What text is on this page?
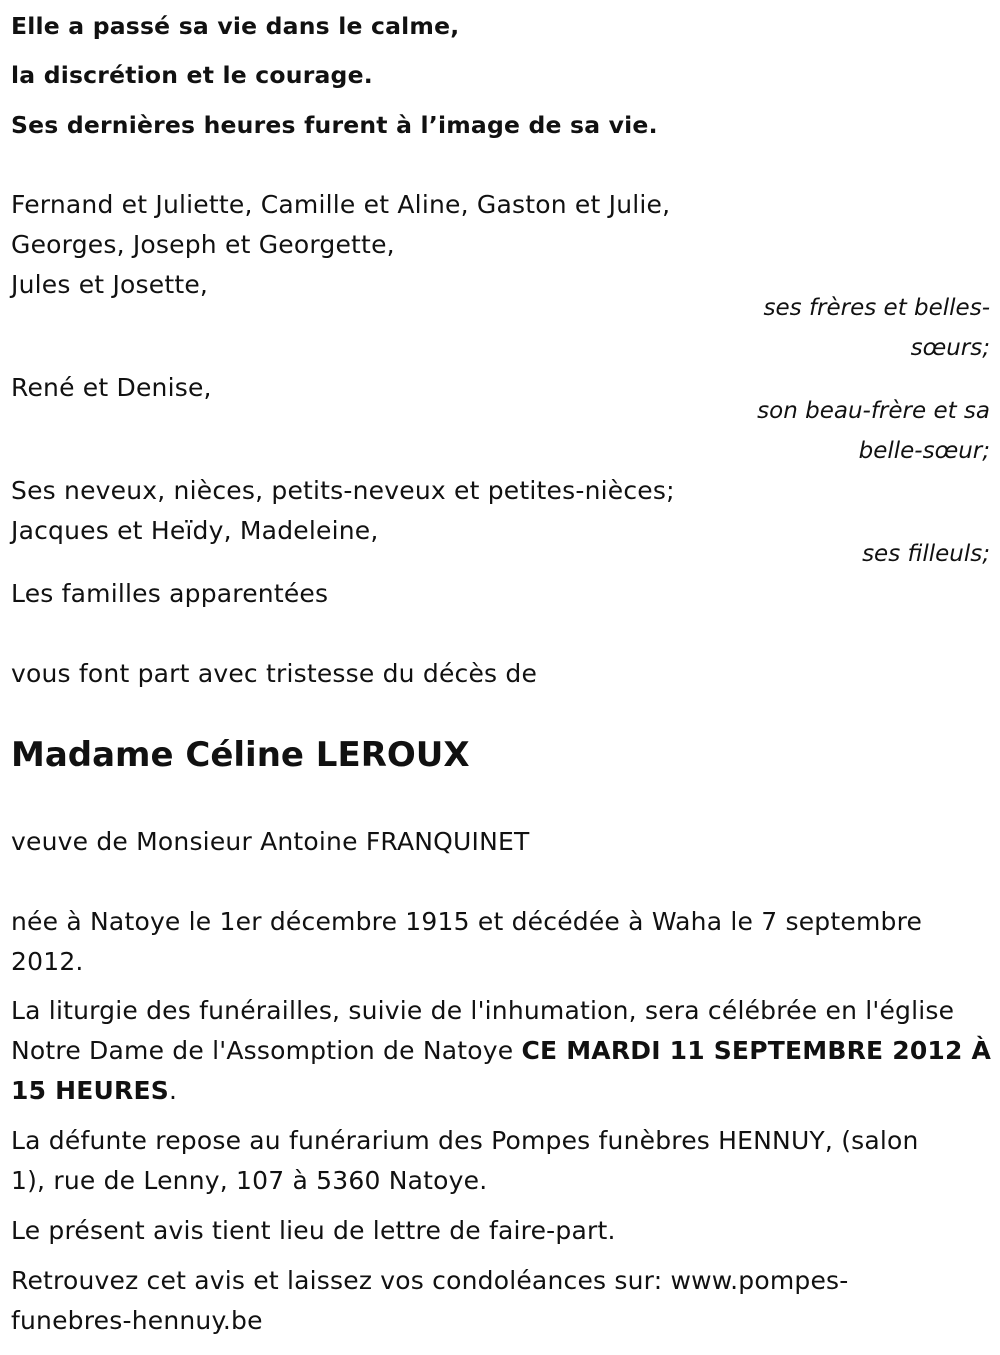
Elle a passé sa vie dans le calme,
la discrétion et le courage.
Ses dernières heures furent à l’image de sa vie.
Fernand et Juliette, Camille et Aline, Gaston et Julie,
Georges, Joseph et Georgette,
Jules et Josette,
ses frères et belles-
sœurs;
René et Denise,
son beau-frère et sa
belle-sœur;
Ses neveux, nièces, petits-neveux et petites-nièces;
Jacques et Heïdy, Madeleine,
ses filleuls;
Les familles apparentées
vous font part avec tristesse du décès de
Madame Céline LEROUX
veuve de Monsieur Antoine FRANQUINET
née à Natoye le 1er décembre 1915 et décédée à Waha le 7 septembre
2012.
La liturgie des funérailles, suivie de l'inhumation, sera célébrée en l'église
Notre Dame de l'Assomption de Natoye CE MARDI 11 SEPTEMBRE 2012 À
15 HEURES.
La défunte repose au funérarium des Pompes funèbres HENNUY, (salon
1), rue de Lenny, 107 à 5360 Natoye.
Le présent avis tient lieu de lettre de faire-part.
Retrouvez cet avis et laissez vos condoléances sur: www.pompes-
funebres-hennuy.be
